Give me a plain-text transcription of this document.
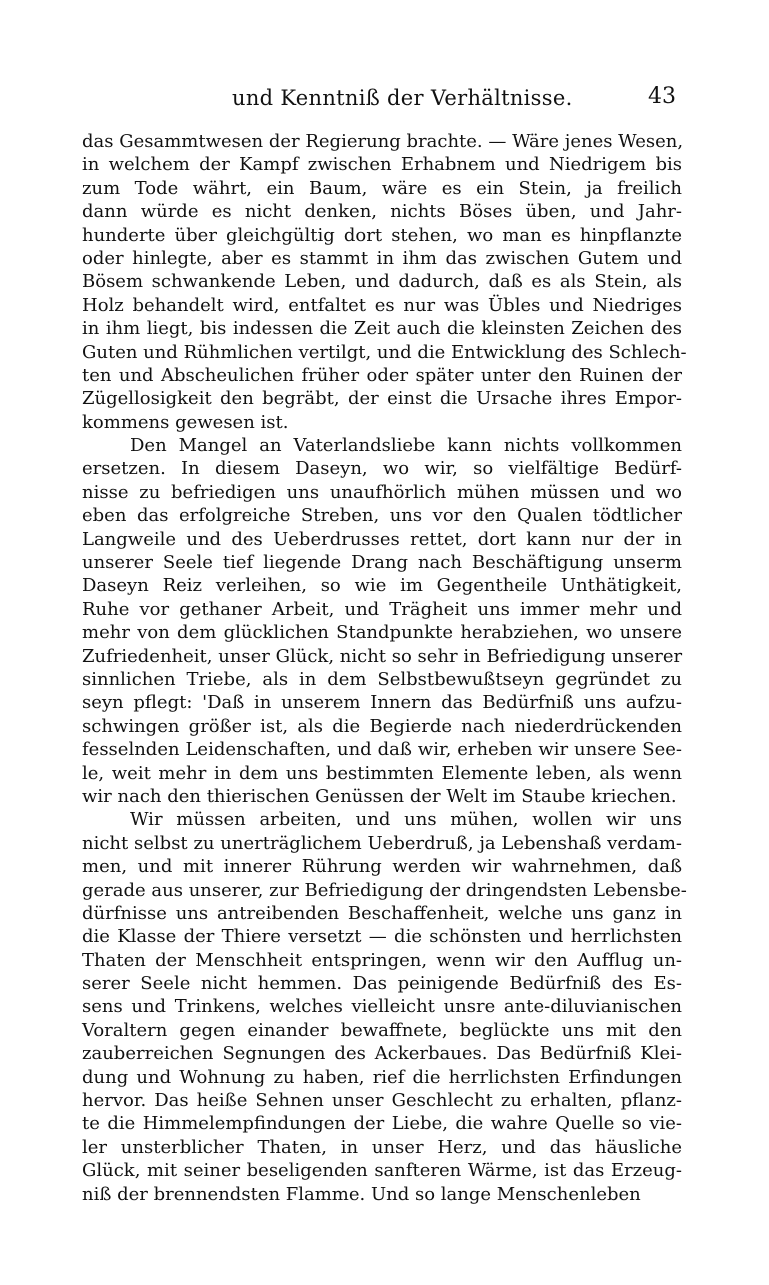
und Kenntniß der Verhältnisse.	43
das Gesammtwesen der Regierung brachte. — Wäre jenes Wesen,
in welchem der Kampf zwischen Erhabnem und Niedrigem bis
zum Tode währt, ein Baum, wäre es ein Stein, ja freilich
dann würde es nicht denken, nichts Böses üben, und Jahr-
hunderte über gleichgültig dort stehen, wo man es hinpflanzte
oder hinlegte, aber es stammt in ihm das zwischen Gutem und
Bösem schwankende Leben, und dadurch, daß es als Stein, als
Holz behandelt wird, entfaltet es nur was Übles und Niedriges
in ihm liegt, bis indessen die Zeit auch die kleinsten Zeichen des
Guten und Rühmlichen vertilgt, und die Entwicklung des Schlech-
ten und Abscheulichen früher oder später unter den Ruinen der
Zügellosigkeit den begräbt, der einst die Ursache ihres Empor-
kommens gewesen ist.
Den Mangel an Vaterlandsliebe kann nichts vollkommen
ersetzen. In diesem Daseyn, wo wir, so vielfältige Bedürf-
nisse zu befriedigen uns unaufhörlich mühen müssen und wo
eben das erfolgreiche Streben, uns vor den Qualen tödtlicher
Langweile und des Ueberdrusses rettet, dort kann nur der in
unserer Seele tief liegende Drang nach Beschäftigung unserm
Daseyn Reiz verleihen, so wie im Gegentheile Unthätigkeit,
Ruhe vor gethaner Arbeit, und Trägheit uns immer mehr und
mehr von dem glücklichen Standpunkte herabziehen, wo unsere
Zufriedenheit, unser Glück, nicht so sehr in Befriedigung unserer
sinnlichen Triebe, als in dem Selbstbewußtseyn gegründet zu
seyn pflegt: 'Daß in unserem Innern das Bedürfniß uns aufzu-
schwingen größer ist, als die Begierde nach niederdrückenden
fesselnden Leidenschaften, und daß wir, erheben wir unsere See-
le, weit mehr in dem uns bestimmten Elemente leben, als wenn
wir nach den thierischen Genüssen der Welt im Staube kriechen.
Wir müssen arbeiten, und uns mühen, wollen wir uns
nicht selbst zu unerträglichem Ueberdruß, ja Lebenshaß verdam-
men, und mit innerer Rührung werden wir wahrnehmen, daß
gerade aus unserer, zur Befriedigung der dringendsten Lebensbe-
dürfnisse uns antreibenden Beschaffenheit, welche uns ganz in
die Klasse der Thiere versetzt — die schönsten und herrlichsten
Thaten der Menschheit entspringen, wenn wir den Aufflug un-
serer Seele nicht hemmen. Das peinigende Bedürfniß des Es-
sens und Trinkens, welches vielleicht unsre ante-diluvianischen
Voraltern gegen einander bewaffnete, beglückte uns mit den
zauberreichen Segnungen des Ackerbaues. Das Bedürfniß Klei-
dung und Wohnung zu haben, rief die herrlichsten Erfindungen
hervor. Das heiße Sehnen unser Geschlecht zu erhalten, pflanz-
te die Himmelempfindungen der Liebe, die wahre Quelle so vie-
ler unsterblicher Thaten, in unser Herz, und das häusliche
Glück, mit seiner beseligenden sanfteren Wärme, ist das Erzeug-
niß der brennendsten Flamme. Und so lange Menschenleben
